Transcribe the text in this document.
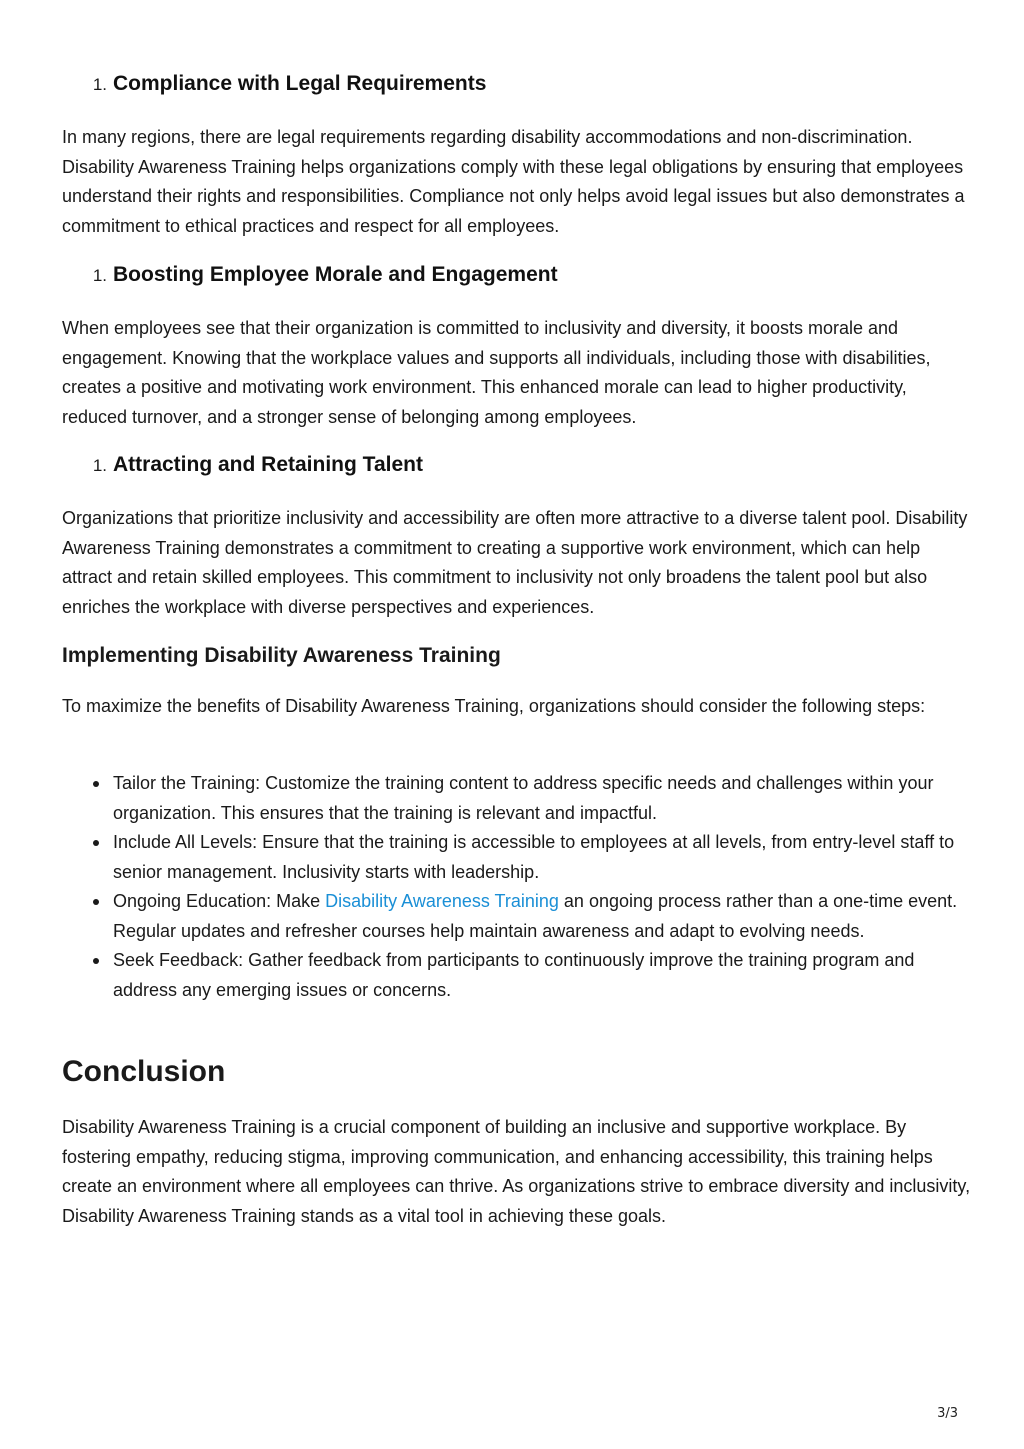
1. Compliance with Legal Requirements

In many regions, there are legal requirements regarding disability accommodations and non-discrimination. Disability Awareness Training helps organizations comply with these legal obligations by ensuring that employees understand their rights and responsibilities. Compliance not only helps avoid legal issues but also demonstrates a commitment to ethical practices and respect for all employees.

1. Boosting Employee Morale and Engagement

When employees see that their organization is committed to inclusivity and diversity, it boosts morale and engagement. Knowing that the workplace values and supports all individuals, including those with disabilities, creates a positive and motivating work environment. This enhanced morale can lead to higher productivity, reduced turnover, and a stronger sense of belonging among employees.

1. Attracting and Retaining Talent

Organizations that prioritize inclusivity and accessibility are often more attractive to a diverse talent pool. Disability Awareness Training demonstrates a commitment to creating a supportive work environment, which can help attract and retain skilled employees. This commitment to inclusivity not only broadens the talent pool but also enriches the workplace with diverse perspectives and experiences.

Implementing Disability Awareness Training

To maximize the benefits of Disability Awareness Training, organizations should consider the following steps:

Tailor the Training: Customize the training content to address specific needs and challenges within your organization. This ensures that the training is relevant and impactful.
Include All Levels: Ensure that the training is accessible to employees at all levels, from entry-level staff to senior management. Inclusivity starts with leadership.
Ongoing Education: Make Disability Awareness Training an ongoing process rather than a one-time event. Regular updates and refresher courses help maintain awareness and adapt to evolving needs.
Seek Feedback: Gather feedback from participants to continuously improve the training program and address any emerging issues or concerns.
Conclusion

Disability Awareness Training is a crucial component of building an inclusive and supportive workplace. By fostering empathy, reducing stigma, improving communication, and enhancing accessibility, this training helps create an environment where all employees can thrive. As organizations strive to embrace diversity and inclusivity, Disability Awareness Training stands as a vital tool in achieving these goals.

3/3
